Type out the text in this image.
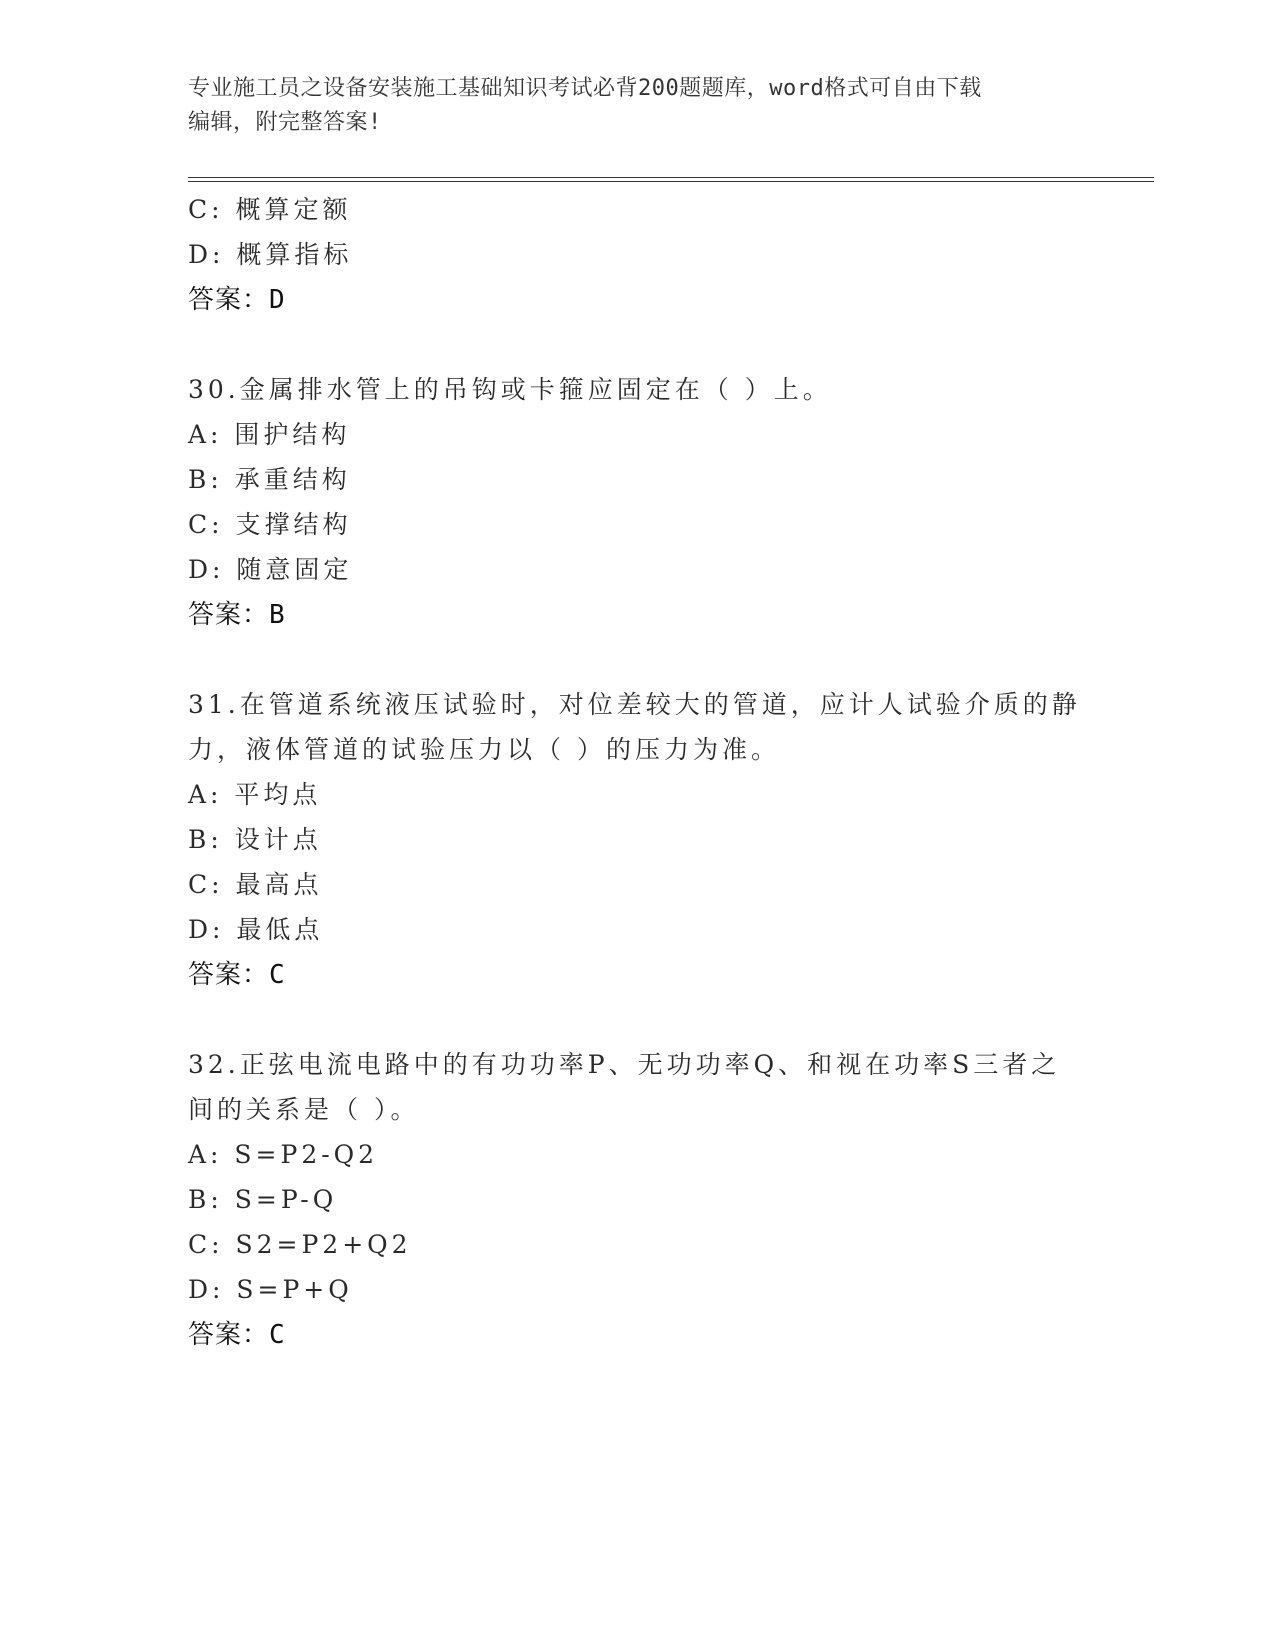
专业施工员之设备安装施工基础知识考试必背200题题库，word格式可自由下载
编辑，附完整答案!
C: 概算定额
D: 概算指标
答案：D
30.金属排水管上的吊钩或卡箍应固定在（ ）上。
A: 围护结构
B: 承重结构
C: 支撑结构
D: 随意固定
答案：B
31.在管道系统液压试验时，对位差较大的管道，应计人试验介质的静
力，液体管道的试验压力以（ ）的压力为准。
A: 平均点
B: 设计点
C: 最高点
D: 最低点
答案：C
32.正弦电流电路中的有功功率P、无功功率Q、和视在功率S三者之
间的关系是（ ）。
A: S=P2-Q2
B: S=P-Q
C: S2=P2+Q2
D: S=P+Q
答案：C
